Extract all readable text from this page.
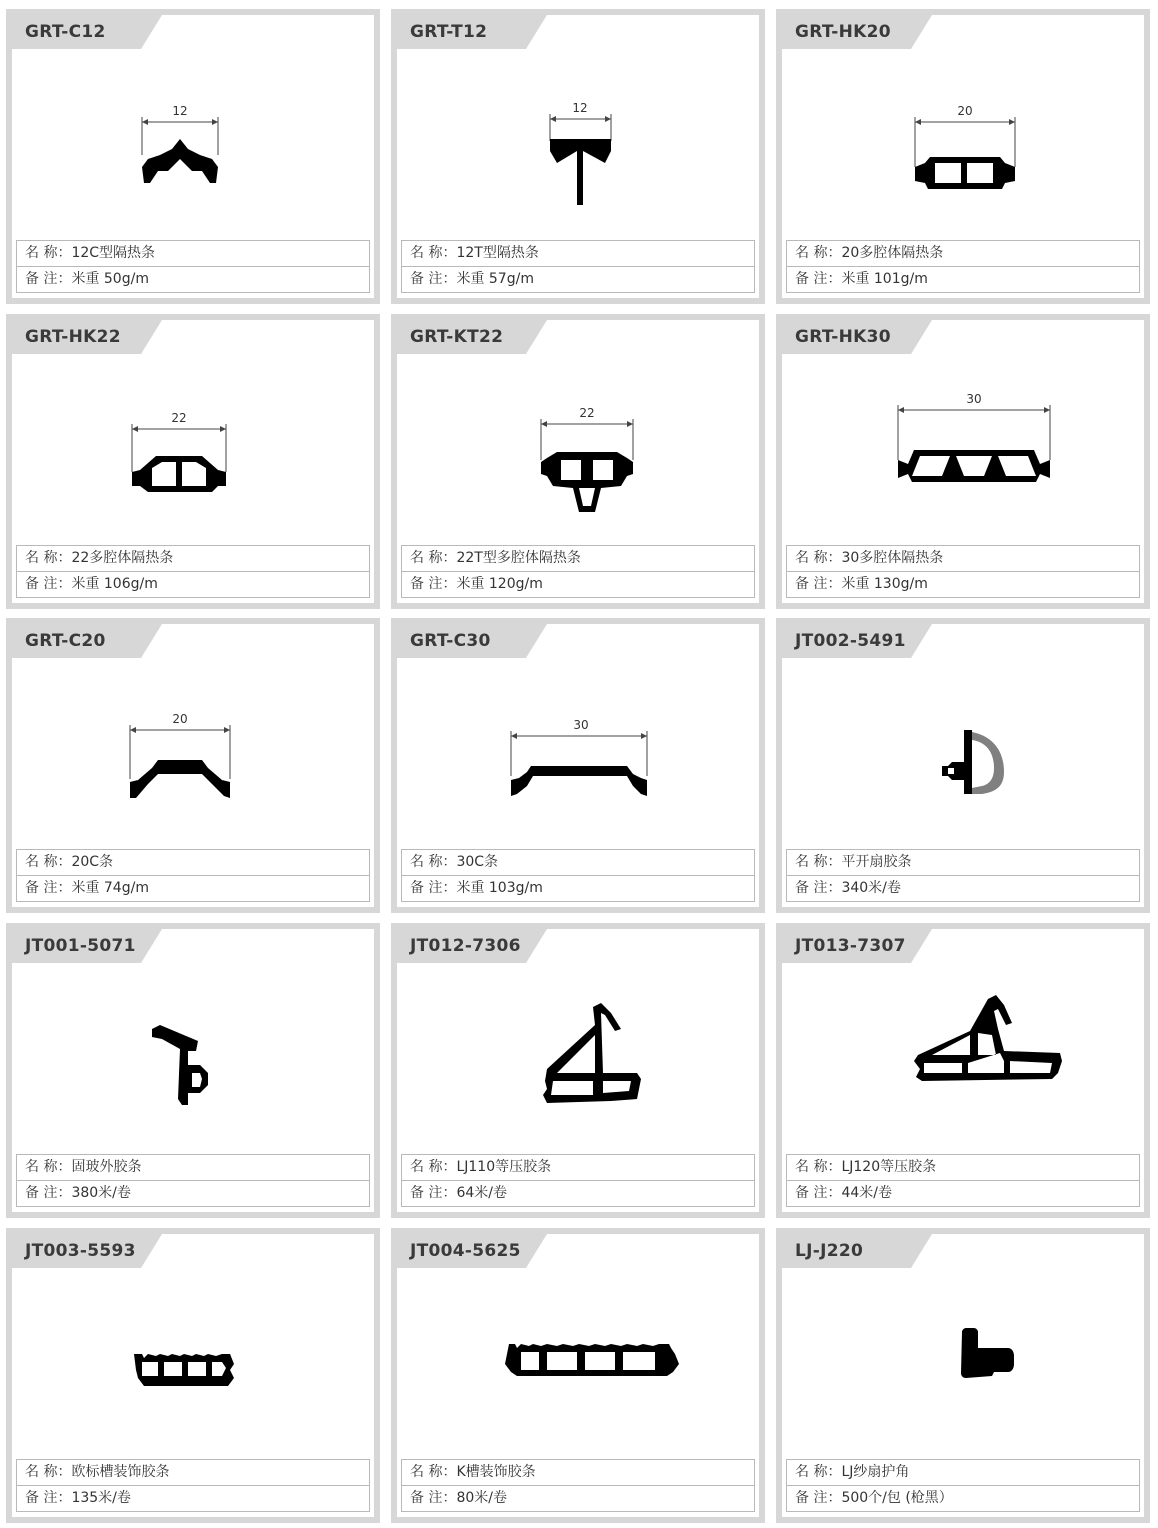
GRT-C12
12
名 称：12C型隔热条
备 注：米重 50g/m
GRT-T12
12
名 称：12T型隔热条
备 注：米重 57g/m
GRT-HK20
20
名 称：20多腔体隔热条
备 注：米重 101g/m
GRT-HK22
22
名 称：22多腔体隔热条
备 注：米重 106g/m
GRT-KT22
22
名 称：22T型多腔体隔热条
备 注：米重 120g/m
GRT-HK30
30
名 称：30多腔体隔热条
备 注：米重 130g/m
GRT-C20
20
名 称：20C条
备 注：米重 74g/m
GRT-C30
30
名 称：30C条
备 注：米重 103g/m
JT002-5491
名 称：平开扇胶条
备 注：340米/卷
JT001-5071
名 称：固玻外胶条
备 注：380米/卷
JT012-7306
名 称：LJ110等压胶条
备 注：64米/卷
JT013-7307
名 称：LJ120等压胶条
备 注：44米/卷
JT003-5593
名 称：欧标槽装饰胶条
备 注：135米/卷
JT004-5625
名 称：K槽装饰胶条
备 注：80米/卷
LJ-J220
名 称：LJ纱扇护角
备 注：500个/包 (枪黑）
